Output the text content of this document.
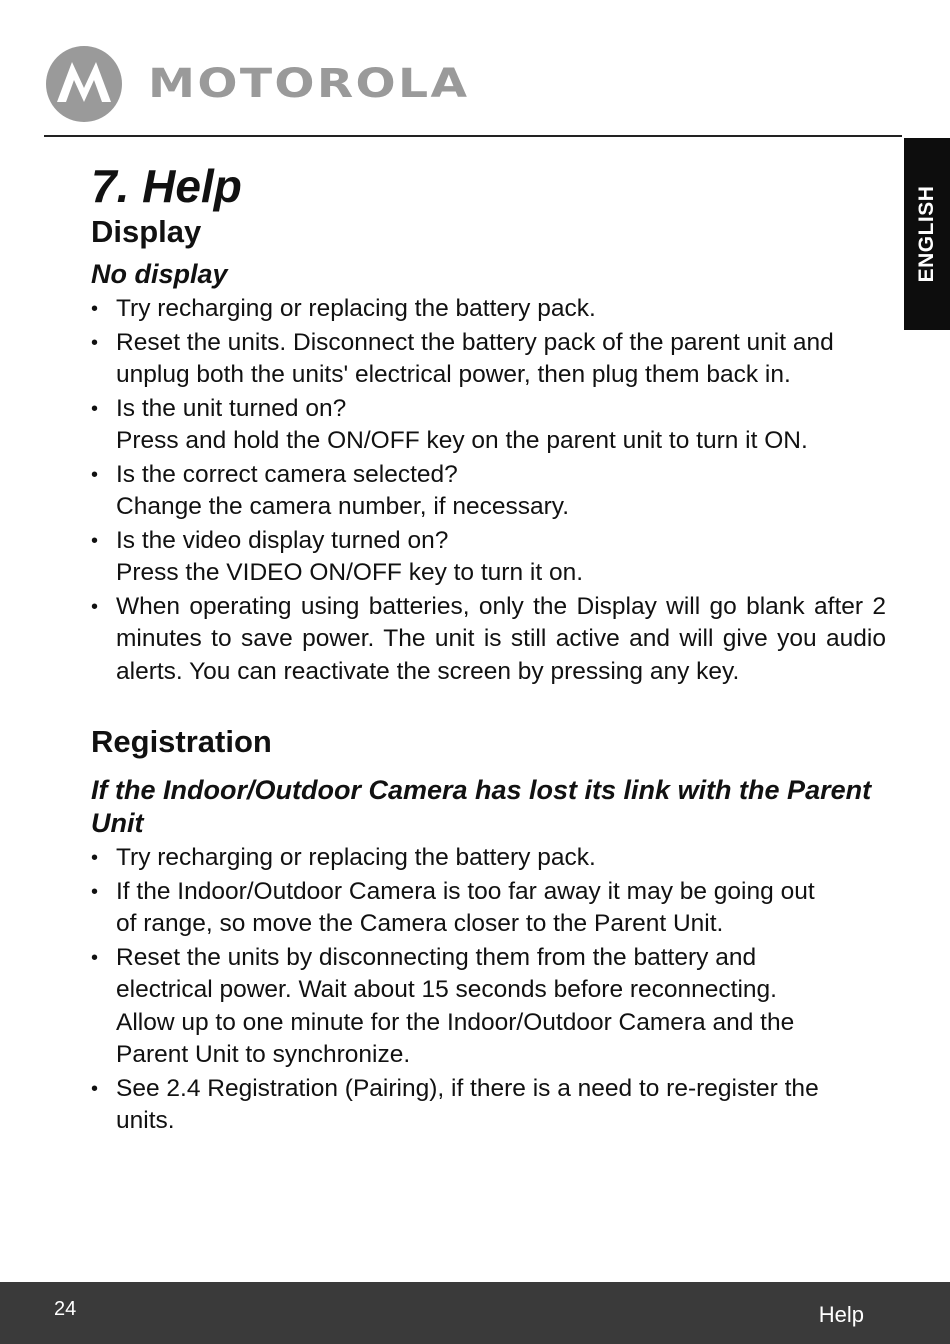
MOTOROLA
ENGLISH
7. Help
Display
No display
• Try recharging or replacing the battery pack.
• Reset the units. Disconnect the battery pack of the parent unit and
unplug both the units' electrical power, then plug them back in.
• Is the unit turned on?
Press and hold the ON/OFF key on the parent unit to turn it ON.
• Is the correct camera selected?
Change the camera number, if necessary.
• Is the video display turned on?
Press the VIDEO ON/OFF key to turn it on.
• When operating using batteries, only the Display will go blank after 2 minutes to save power. The unit is still active and will give you audio alerts. You can reactivate the screen by pressing any key.
Registration
If the Indoor/Outdoor Camera has lost its link with the Parent Unit
• Try recharging or replacing the battery pack.
• If the Indoor/Outdoor Camera is too far away it may be going out
of range, so move the Camera closer to the Parent Unit.
• Reset the units by disconnecting them from the battery and
electrical power. Wait about 15 seconds before reconnecting.
Allow up to one minute for the Indoor/Outdoor Camera and the
Parent Unit to synchronize.
• See 2.4 Registration (Pairing), if there is a need to re-register the
units.
24	Help
